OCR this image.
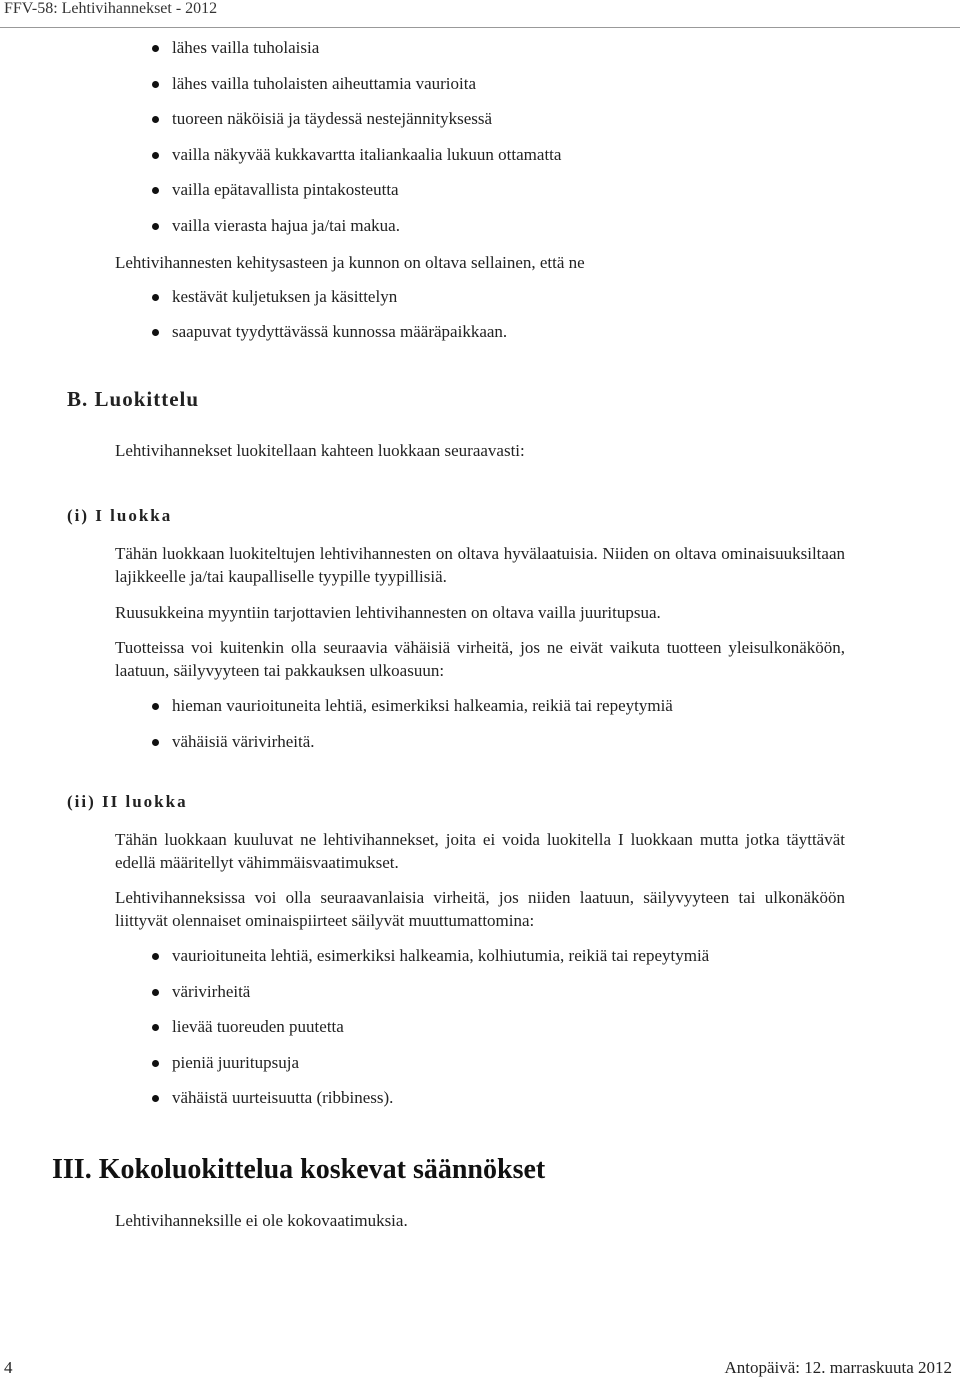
FFV-58: Lehtivihannekset - 2012
lähes vailla tuholaisia
lähes vailla tuholaisten aiheuttamia vaurioita
tuoreen näköisiä ja täydessä nestejännityksessä
vailla näkyvää kukkavartta italiankaalia lukuun ottamatta
vailla epätavallista pintakosteutta
vailla vierasta hajua ja/tai makua.
Lehtivihannesten kehitysasteen ja kunnon on oltava sellainen, että ne
kestävät kuljetuksen ja käsittelyn
saapuvat tyydyttävässä kunnossa määräpaikkaan.
B. Luokittelu
Lehtivihannekset luokitellaan kahteen luokkaan seuraavasti:
(i) I luokka
Tähän luokkaan luokiteltujen lehtivihannesten on oltava hyvälaatuisia. Niiden on oltava ominaisuuksiltaan lajikkeelle ja/tai kaupalliselle tyypille tyypillisiä.
Ruusukkeina myyntiin tarjottavien lehtivihannesten on oltava vailla juuritupsua.
Tuotteissa voi kuitenkin olla seuraavia vähäisiä virheitä, jos ne eivät vaikuta tuotteen yleisulkonäköön, laatuun, säilyvyyteen tai pakkauksen ulkoasuun:
hieman vaurioituneita lehtiä, esimerkiksi halkeamia, reikiä tai repeytymiä
vähäisiä värivirheitä.
(ii) II luokka
Tähän luokkaan kuuluvat ne lehtivihannekset, joita ei voida luokitella I luokkaan mutta jotka täyttävät edellä määritellyt vähimmäisvaatimukset.
Lehtivihanneksissa voi olla seuraavanlaisia virheitä, jos niiden laatuun, säilyvyyteen tai ulkonäköön liittyvät olennaiset ominaispiirteet säilyvät muuttumattomina:
vaurioituneita lehtiä, esimerkiksi halkeamia, kolhiutumia, reikiä tai repeytymiä
värivirheitä
lievää tuoreuden puutetta
pieniä juuritupsuja
vähäistä uurteisuutta (ribbiness).
III. Kokoluokittelua koskevat säännökset
Lehtivihanneksille ei ole kokovaatimuksia.
4	Antopäivä: 12. marraskuuta 2012
